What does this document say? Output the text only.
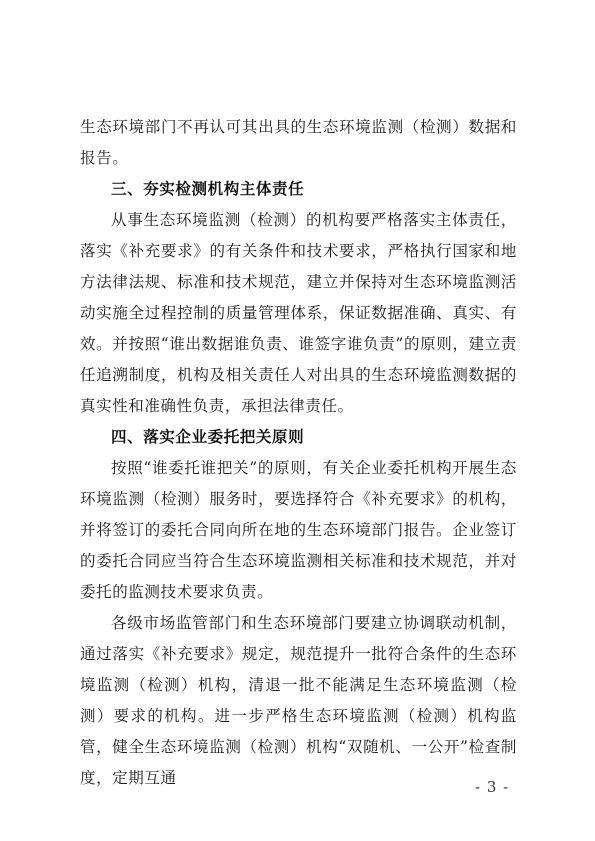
生态环境部门不再认可其出具的生态环境监测（检测）数据和报告。

三、夯实检测机构主体责任

从事生态环境监测（检测）的机构要严格落实主体责任，落实《补充要求》的有关条件和技术要求，严格执行国家和地方法律法规、标准和技术规范，建立并保持对生态环境监测活动实施全过程控制的质量管理体系，保证数据准确、真实、有效。并按照“谁出数据谁负责、谁签字谁负责”的原则，建立责任追溯制度，机构及相关责任人对出具的生态环境监测数据的真实性和准确性负责，承担法律责任。

四、落实企业委托把关原则

按照“谁委托谁把关”的原则，有关企业委托机构开展生态环境监测（检测）服务时，要选择符合《补充要求》的机构，并将签订的委托合同向所在地的生态环境部门报告。企业签订的委托合同应当符合生态环境监测相关标准和技术规范，并对委托的监测技术要求负责。

各级市场监管部门和生态环境部门要建立协调联动机制，通过落实《补充要求》规定，规范提升一批符合条件的生态环境监测（检测）机构，清退一批不能满足生态环境监测（检测）要求的机构。进一步严格生态环境监测（检测）机构监管，健全生态环境监测（检测）机构“双随机、一公开”检查制度，定期互通	- 3 -
